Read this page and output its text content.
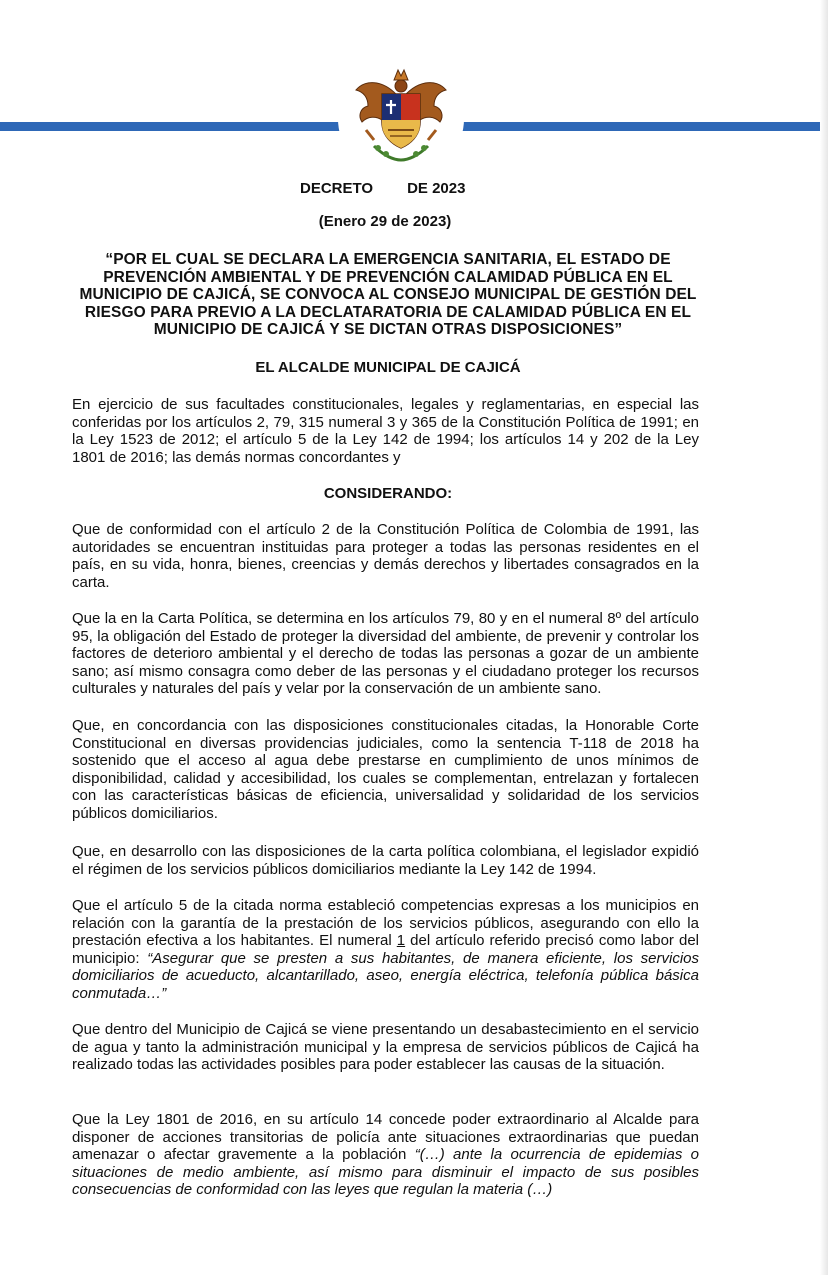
DECRETO DE 2023
(Enero 29 de 2023)
“POR EL CUAL SE DECLARA LA EMERGENCIA SANITARIA, EL ESTADO DE PREVENCIÓN AMBIENTAL Y DE PREVENCIÓN CALAMIDAD PÚBLICA EN EL MUNICIPIO DE CAJICÁ, SE CONVOCA AL CONSEJO MUNICIPAL DE GESTIÓN DEL RIESGO PARA PREVIO A LA DECLATARATORIA DE CALAMIDAD PÚBLICA EN EL MUNICIPIO DE CAJICÁ Y SE DICTAN OTRAS DISPOSICIONES”
EL ALCALDE MUNICIPAL DE CAJICÁ
En ejercicio de sus facultades constitucionales, legales y reglamentarias, en especial las conferidas por los artículos 2, 79, 315 numeral 3 y 365 de la Constitución Política de 1991; en la Ley 1523 de 2012; el artículo 5 de la Ley 142 de 1994; los artículos 14 y 202 de la Ley 1801 de 2016; las demás normas concordantes y
CONSIDERANDO:
Que de conformidad con el artículo 2 de la Constitución Política de Colombia de 1991, las autoridades se encuentran instituidas para proteger a todas las personas residentes en el país, en su vida, honra, bienes, creencias y demás derechos y libertades consagrados en la carta.
Que la en la Carta Política, se determina en los artículos 79, 80 y en el numeral 8º del artículo 95, la obligación del Estado de proteger la diversidad del ambiente, de prevenir y controlar los factores de deterioro ambiental y el derecho de todas las personas a gozar de un ambiente sano; así mismo consagra como deber de las personas y el ciudadano proteger los recursos culturales y naturales del país y velar por la conservación de un ambiente sano.
Que, en concordancia con las disposiciones constitucionales citadas, la Honorable Corte Constitucional en diversas providencias judiciales, como la sentencia T-118 de 2018 ha sostenido que el acceso al agua debe prestarse en cumplimiento de unos mínimos de disponibilidad, calidad y accesibilidad, los cuales se complementan, entrelazan y fortalecen con las características básicas de eficiencia, universalidad y solidaridad de los servicios públicos domiciliarios.
Que, en desarrollo con las disposiciones de la carta política colombiana, el legislador expidió el régimen de los servicios públicos domiciliarios mediante la Ley 142 de 1994.
Que el artículo 5 de la citada norma estableció competencias expresas a los municipios en relación con la garantía de la prestación de los servicios públicos, asegurando con ello la prestación efectiva a los habitantes. El numeral 1 del artículo referido precisó como labor del municipio: “Asegurar que se presten a sus habitantes, de manera eficiente, los servicios domiciliarios de acueducto, alcantarillado, aseo, energía eléctrica, telefonía pública básica conmutada…”
Que dentro del Municipio de Cajicá se viene presentando un desabastecimiento en el servicio de agua y tanto la administración municipal y la empresa de servicios públicos de Cajicá ha realizado todas las actividades posibles para poder establecer las causas de la situación.
Que la Ley 1801 de 2016, en su artículo 14 concede poder extraordinario al Alcalde para disponer de acciones transitorias de policía ante situaciones extraordinarias que puedan amenazar o afectar gravemente a la población “(…) ante la ocurrencia de epidemias o situaciones de medio ambiente, así mismo para disminuir el impacto de sus posibles consecuencias de conformidad con las leyes que regulan la materia (…)
